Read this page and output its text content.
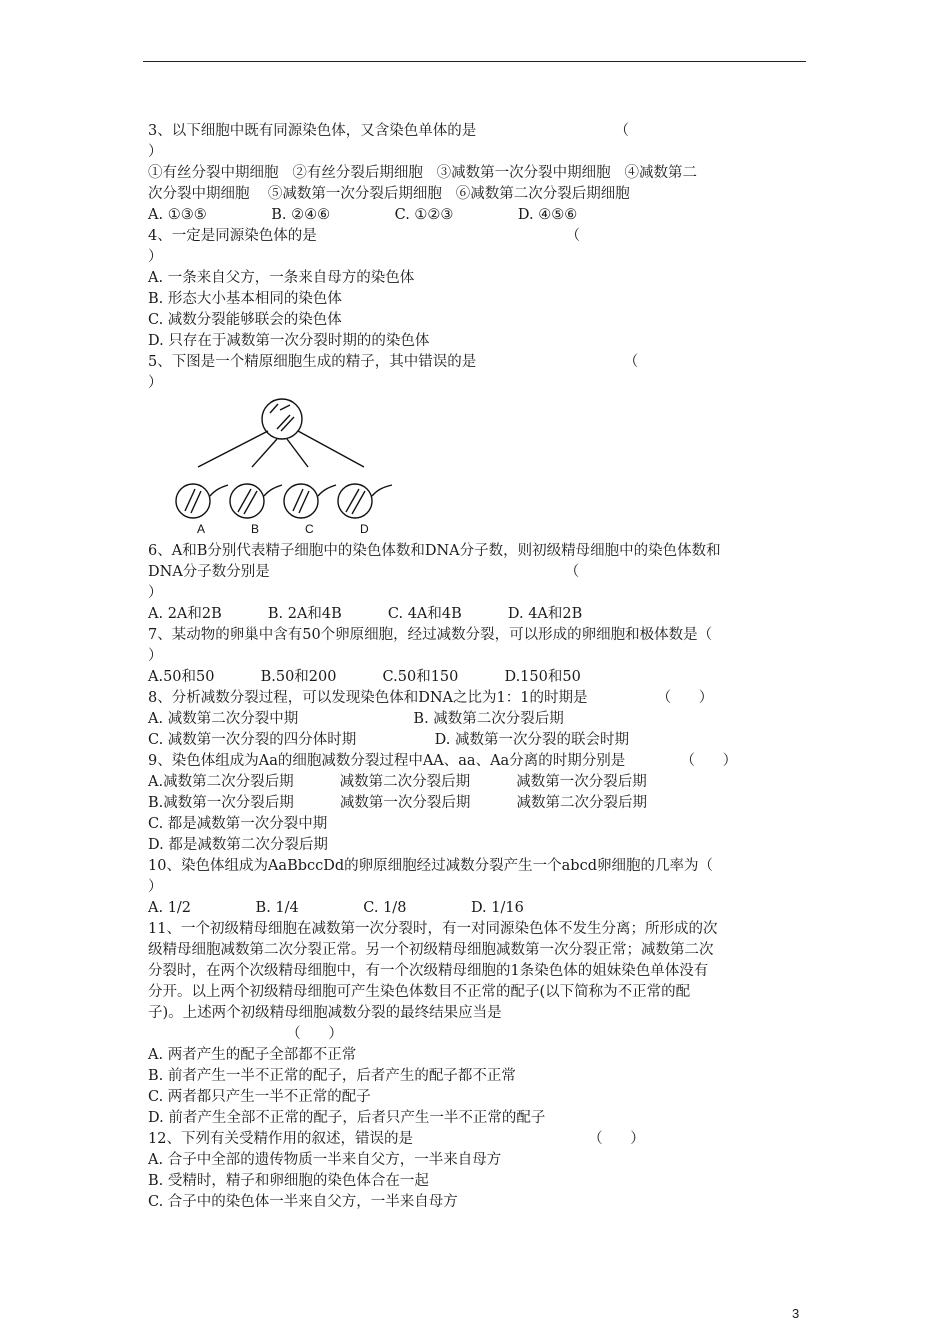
3、以下细胞中既有同源染色体，又含染色单体的是                              （
）
①有丝分裂中期细胞   ②有丝分裂后期细胞   ③减数第一次分裂中期细胞   ④减数第二
次分裂中期细胞    ⑤减数第一次分裂后期细胞   ⑥减数第二次分裂后期细胞
A. ①③⑤              B. ②④⑥              C. ①②③              D. ④⑤⑥
4、一定是同源染色体的是                                                      （
）
A. 一条来自父方，一条来自母方的染色体
B. 形态大小基本相同的染色体
C. 减数分裂能够联会的染色体
D. 只存在于减数第一次分裂时期的的染色体
5、下图是一个精原细胞生成的精子，其中错误的是                                （
）
A	B	C	D
6、A和B分别代表精子细胞中的染色体数和DNA分子数，则初级精母细胞中的染色体数和
DNA分子数分别是                                                                （
）
A. 2A和2B          B. 2A和4B          C. 4A和4B          D. 4A和2B
7、某动物的卵巢中含有50个卵原细胞，经过减数分裂，可以形成的卵细胞和极体数是（
）
A.50和50          B.50和200          C.50和150          D.150和50
8、分析减数分裂过程，可以发现染色体和DNA之比为1：1的时期是               （      ）
A. 减数第二次分裂中期                         B. 减数第二次分裂后期
C. 减数第一次分裂的四分体时期                 D. 减数第一次分裂的联会时期
9、染色体组成为Aa的细胞减数分裂过程中AA、aa、Aa分离的时期分别是            （      ）
A.减数第二次分裂后期          减数第二次分裂后期          减数第一次分裂后期
B.减数第一次分裂后期          减数第一次分裂后期          减数第二次分裂后期
C. 都是减数第一次分裂中期
D. 都是减数第二次分裂后期
10、染色体组成为AaBbccDd的卵原细胞经过减数分裂产生一个abcd卵细胞的几率为（
）
A. 1/2              B. 1/4              C. 1/8              D. 1/16
11、一个初级精母细胞在减数第一次分裂时，有一对同源染色体不发生分离；所形成的次
级精母细胞减数第二次分裂正常。另一个初级精母细胞减数第一次分裂正常；减数第二次
分裂时，在两个次级精母细胞中，有一个次级精母细胞的1条染色体的姐妹染色单体没有
分开。以上两个初级精母细胞可产生染色体数目不正常的配子(以下简称为不正常的配
子)。上述两个初级精母细胞减数分裂的最终结果应当是
（      ）
A. 两者产生的配子全部都不正常
B. 前者产生一半不正常的配子，后者产生的配子都不正常
C. 两者都只产生一半不正常的配子
D. 前者产生全部不正常的配子，后者只产生一半不正常的配子
12、下列有关受精作用的叙述，错误的是                                      （      ）
A. 合子中全部的遗传物质一半来自父方，一半来自母方
B. 受精时，精子和卵细胞的染色体合在一起
C. 合子中的染色体一半来自父方，一半来自母方
3
